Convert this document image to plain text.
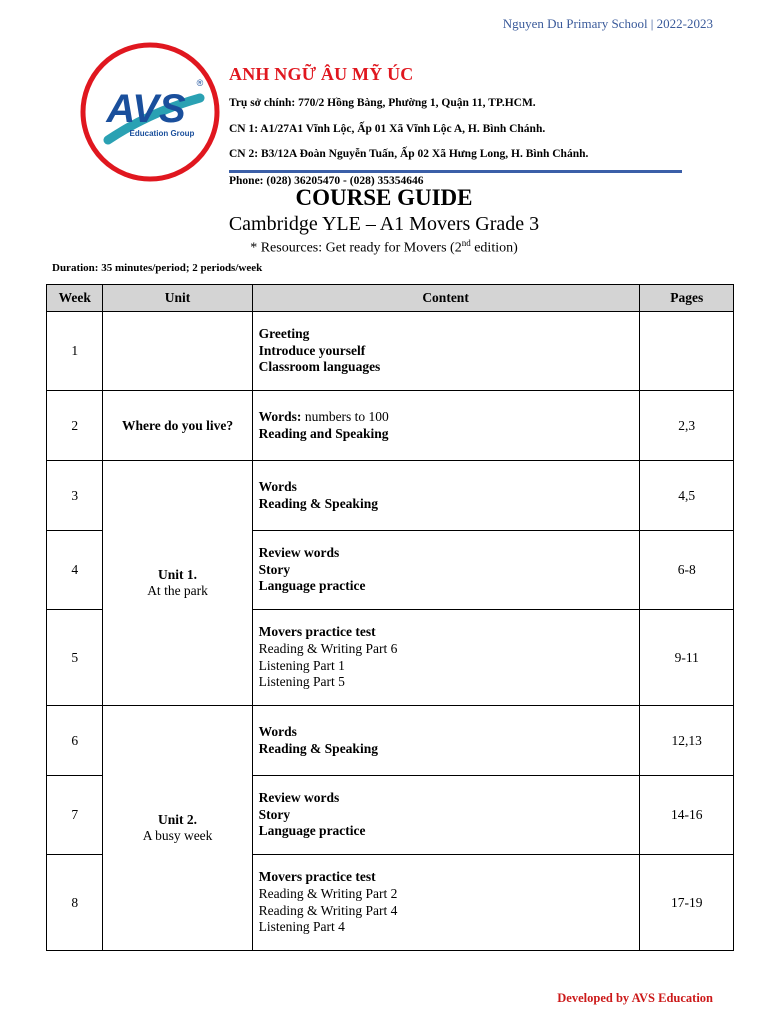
Nguyen Du Primary School | 2022-2023
AVS
Education Group
® ANH NGỮ ÂU MỸ ÚC
Trụ sở chính: 770/2 Hồng Bàng, Phường 1, Quận 11, TP.HCM.
CN 1: A1/27A1 Vĩnh Lộc, Ấp 01 Xã Vĩnh Lộc A, H. Bình Chánh.
CN 2: B3/12A Đoàn Nguyễn Tuấn, Ấp 02 Xã Hưng Long, H. Bình Chánh.
Phone: (028) 36205470 - (028) 35354646
COURSE GUIDE
Cambridge YLE – A1 Movers Grade 3
* Resources: Get ready for Movers (2nd edition)
Duration: 35 minutes/period; 2 periods/week
Week	Unit	Content	Pages
1		Greeting
Introduce yourself
Classroom languages	

2	Where do you live?	Words: numbers to 100
Reading and Speaking	2,3
3	Unit 1.
At the park	Words
Reading & Speaking	4,5
4		Review words
Story
Language practice	6-8
5		Movers practice test
Reading & Writing Part 6
Listening Part 1
Listening Part 5	9-11
6	Unit 2.
A busy week	Words
Reading & Speaking	12,13
7		Review words
Story
Language practice	14-16
8		Movers practice test
Reading & Writing Part 2
Reading & Writing Part 4
Listening Part 4	17-19
Developed by AVS Education
